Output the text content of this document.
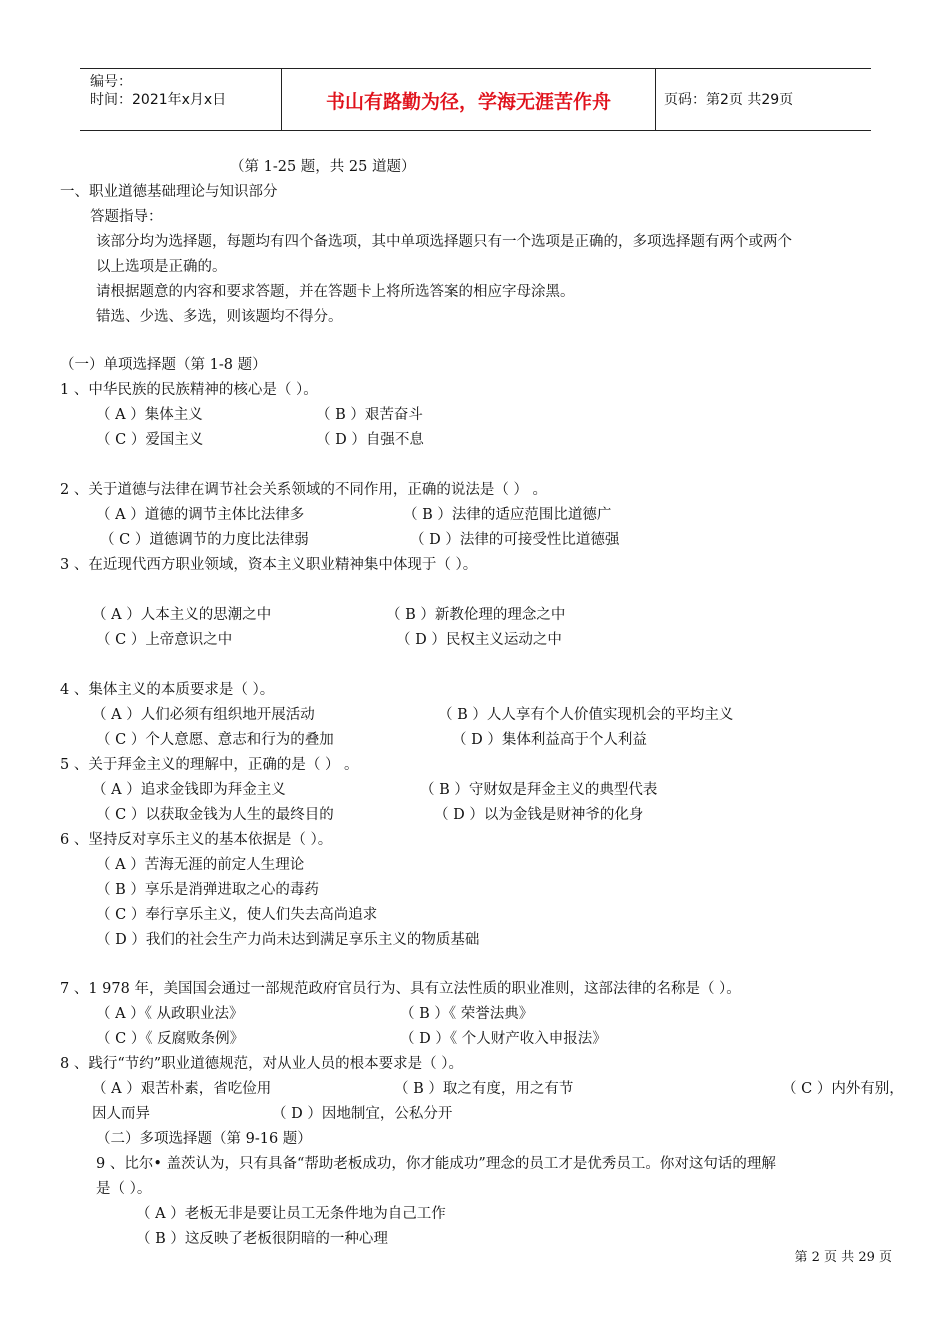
编号：
时间：2021年x月x日	书山有路勤为径，学海无涯苦作舟	页码：第2页 共29页
（第 1-25 题，共 25 道题）
一、职业道德基础理论与知识部分
答题指导：
该部分均为选择题，每题均有四个备选项，其中单项选择题只有一个选项是正确的，多项选择题有两个或两个
以上选项是正确的。
请根据题意的内容和要求答题，并在答题卡上将所选答案的相应字母涂黑。
错选、少选、多选，则该题均不得分。
（一）单项选择题（第 1-8 题）
1 、中华民族的民族精神的核心是（ ）。
（ A ）集体主义	（ B ）艰苦奋斗
（ C ）爱国主义	（ D ）自强不息
2 、关于道德与法律在调节社会关系领域的不同作用，正确的说法是（ ） 。
（ A ）道德的调节主体比法律多	（ B ）法律的适应范围比道德广
（ C ）道德调节的力度比法律弱	（ D ）法律的可接受性比道德强
3 、在近现代西方职业领域，资本主义职业精神集中体现于（ ）。
（ A ）人本主义的思潮之中	（ B ）新教伦理的理念之中
（ C ）上帝意识之中	（ D ）民权主义运动之中
4 、集体主义的本质要求是（ ）。
（ A ）人们必须有组织地开展活动	（ B ）人人享有个人价值实现机会的平均主义
（ C ）个人意愿、意志和行为的叠加	（ D ）集体利益高于个人利益
5 、关于拜金主义的理解中，正确的是（ ） 。
（ A ）追求金钱即为拜金主义	（ B ）守财奴是拜金主义的典型代表
（ C ）以获取金钱为人生的最终目的	（ D ）以为金钱是财神爷的化身
6 、坚持反对享乐主义的基本依据是（ ）。
（ A ）苦海无涯的前定人生理论
（ B ）享乐是消弹进取之心的毒药
（ C ）奉行享乐主义，使人们失去高尚追求
（ D ）我们的社会生产力尚未达到满足享乐主义的物质基础
7 、1 978 年，美国国会通过一部规范政府官员行为、具有立法性质的职业准则，这部法律的名称是（ ）。
（ A ）《 从政职业法》	（ B ）《 荣誉法典》
（ C ）《 反腐败条例》	（ D ）《 个人财产收入申报法》
8 、践行“节约”职业道德规范，对从业人员的根本要求是（ ）。
（ A ）艰苦朴素，省吃俭用	（ B ）取之有度，用之有节	（ C ）内外有别，
因人而异	（ D ）因地制宜，公私分开
（二）多项选择题（第 9-16 题）
9 、比尔• 盖茨认为，只有具备“帮助老板成功，你才能成功”理念的员工才是优秀员工。你对这句话的理解
是（ ）。
（ A ）老板无非是要让员工无条件地为自己工作
（ B ）这反映了老板很阴暗的一种心理
第 2 页 共 29 页
